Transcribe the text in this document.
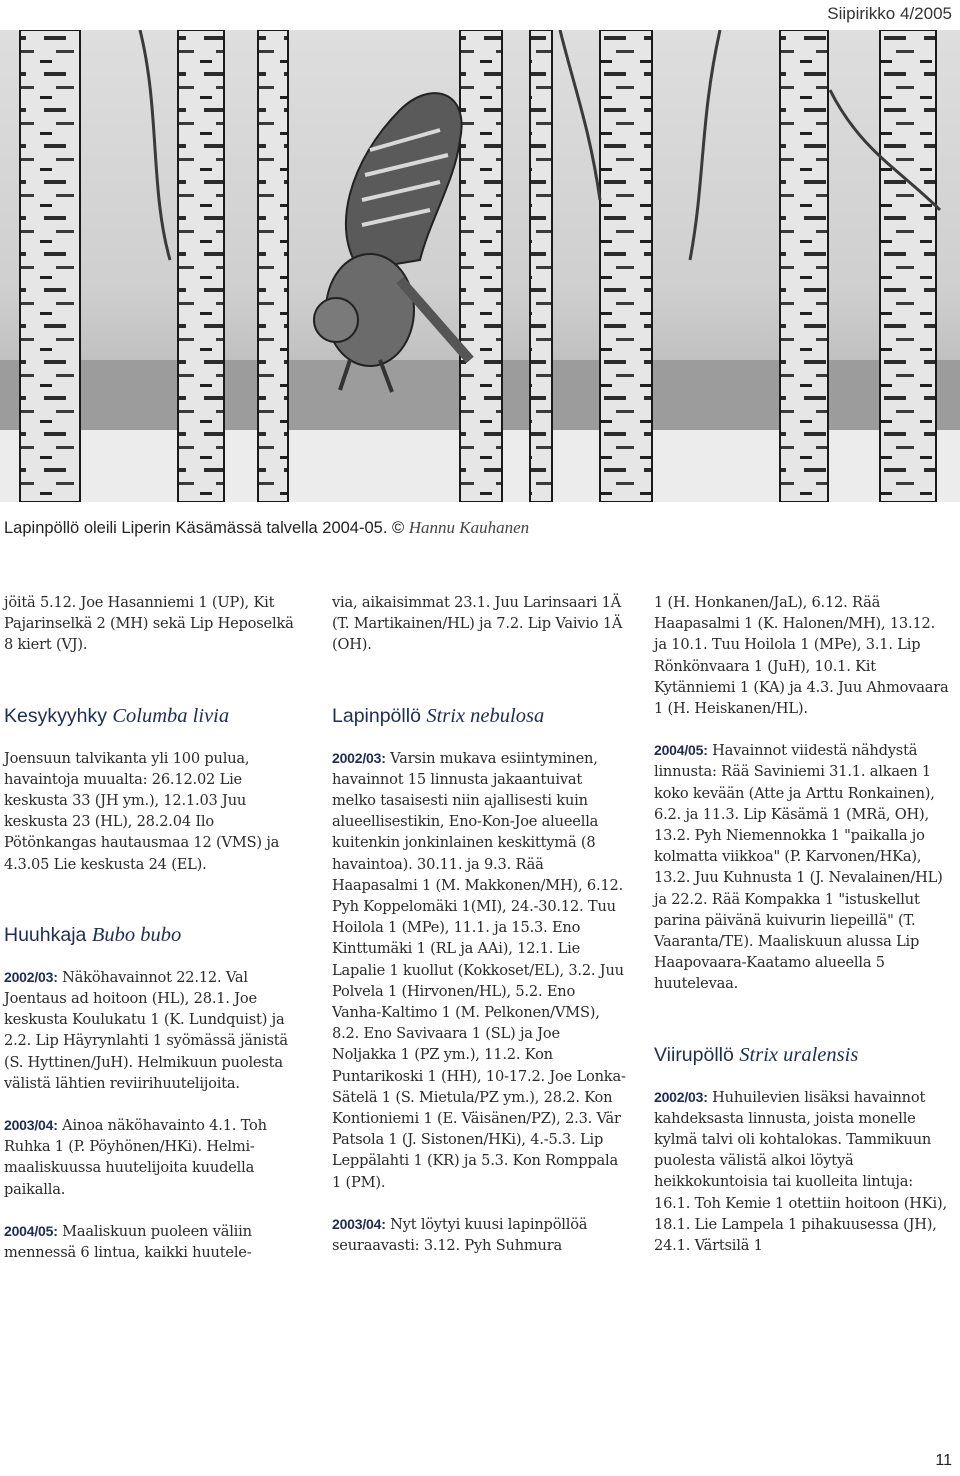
Siipirikko 4/2005
Lapinpöllö oleili Liperin Käsämässä talvella 2004-05. © Hannu Kauhanen

jöitä 5.12. Joe Hasanniemi 1 (UP), Kit Pajarinselkä 2 (MH) sekä Lip Heposelkä 8 kiert (VJ).

Kesykyyhky Columba livia

Joensuun talvikanta yli 100 pulua, havaintoja muualta: 26.12.02 Lie keskusta 33 (JH ym.), 12.1.03 Juu keskusta 23 (HL), 28.2.04 Ilo Pötönkangas hautausmaa 12 (VMS) ja 4.3.05 Lie keskusta 24 (EL).

Huuhkaja Bubo bubo

2002/03: Näköhavainnot 22.12. Val Joentaus ad hoitoon (HL), 28.1. Joe keskusta Koulukatu 1 (K. Lundquist) ja 2.2. Lip Häyrynlahti 1 syömässä jänistä (S. Hyttinen/JuH). Helmikuun puolesta välistä lähtien reviirihuutelijoita.

2003/04: Ainoa näköhavainto 4.1. Toh Ruhka 1 (P. Pöyhönen/HKi). Helmi-maaliskuussa huutelijoita kuudella paikalla.

2004/05: Maaliskuun puoleen väliin mennessä 6 lintua, kaikki huutele-

via, aikaisimmat 23.1. Juu Larinsaari 1Ä (T. Martikainen/HL) ja 7.2. Lip Vaivio 1Ä (OH).

Lapinpöllö Strix nebulosa

2002/03: Varsin mukava esiintyminen, havainnot 15 linnusta jakaantuivat melko tasaisesti niin ajallisesti kuin alueellisestikin, Eno-Kon-Joe alueella kuitenkin jonkinlainen keskittymä (8 havaintoa). 30.11. ja 9.3. Rää Haapasalmi 1 (M. Makkonen/MH), 6.12. Pyh Koppelomäki 1(MI), 24.-30.12. Tuu Hoilola 1 (MPe), 11.1. ja 15.3. Eno Kinttumäki 1 (RL ja AAi), 12.1. Lie Lapalie 1 kuollut (Kokkoset/EL), 3.2. Juu Polvela 1 (Hirvonen/HL), 5.2. Eno Vanha-Kaltimo 1 (M. Pelkonen/VMS), 8.2. Eno Savivaara 1 (SL) ja Joe Noljakka 1 (PZ ym.), 11.2. Kon Puntarikoski 1 (HH), 10-17.2. Joe Lonka-Sätelä 1 (S. Mietula/PZ ym.), 28.2. Kon Kontioniemi 1 (E. Väisänen/PZ), 2.3. Vär Patsola 1 (J. Sistonen/HKi), 4.-5.3. Lip Leppälahti 1 (KR) ja 5.3. Kon Romppala 1 (PM).

2003/04: Nyt löytyi kuusi lapinpöllöä seuraavasti: 3.12. Pyh Suhmura

1 (H. Honkanen/JaL), 6.12. Rää Haapasalmi 1 (K. Halonen/MH), 13.12. ja 10.1. Tuu Hoilola 1 (MPe), 3.1. Lip Rönkönvaara 1 (JuH), 10.1. Kit Kytänniemi 1 (KA) ja 4.3. Juu Ahmovaara 1 (H. Heiskanen/HL).

2004/05: Havainnot viidestä nähdystä linnusta: Rää Saviniemi 31.1. alkaen 1 koko kevään (Atte ja Arttu Ronkainen), 6.2. ja 11.3. Lip Käsämä 1 (MRä, OH), 13.2. Pyh Niemennokka 1 "paikalla jo kolmatta viikkoa" (P. Karvonen/HKa), 13.2. Juu Kuhnusta 1 (J. Nevalainen/HL) ja 22.2. Rää Kompakka 1 "istuskellut parina päivänä kuivurin liepeillä" (T. Vaaranta/TE). Maaliskuun alussa Lip Haapovaara-Kaatamo alueella 5 huutelevaa.

Viirupöllö Strix uralensis

2002/03: Huhuilevien lisäksi havainnot kahdeksasta linnusta, joista monelle kylmä talvi oli kohtalokas. Tammikuun puolesta välistä alkoi löytyä heikkokuntoisia tai kuolleita lintuja: 16.1. Toh Kemie 1 otettiin hoitoon (HKi), 18.1. Lie Lampela 1 pihakuusessa (JH), 24.1. Värtsilä 1

11
